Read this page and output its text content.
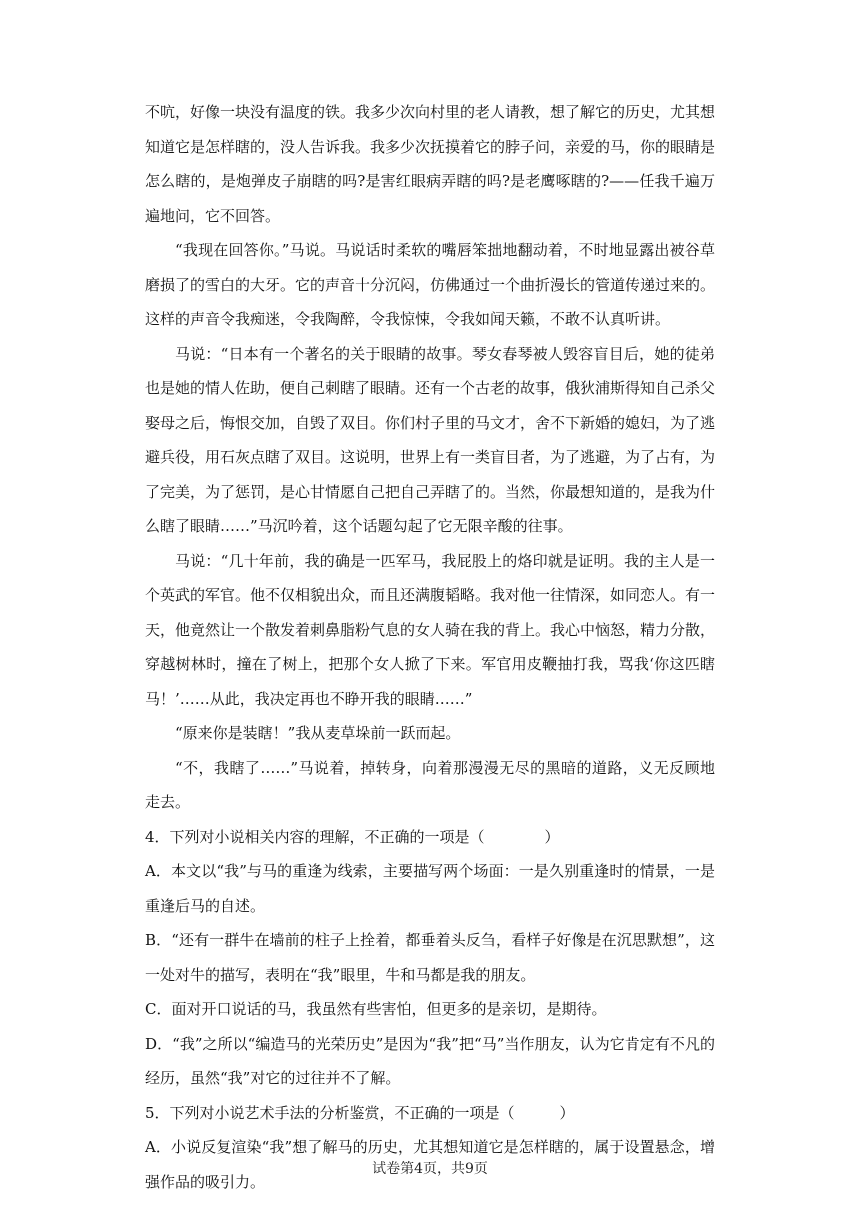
不吭，好像一块没有温度的铁。我多少次向村里的老人请教，想了解它的历史，尤其想知道它是怎样瞎的，没人告诉我。我多少次抚摸着它的脖子问，亲爱的马，你的眼睛是怎么瞎的，是炮弹皮子崩瞎的吗?是害红眼病弄瞎的吗?是老鹰啄瞎的?——任我千遍万遍地问，它不回答。

“我现在回答你。”马说。马说话时柔软的嘴唇笨拙地翻动着，不时地显露出被谷草磨损了的雪白的大牙。它的声音十分沉闷，仿佛通过一个曲折漫长的管道传递过来的。这样的声音令我痴迷，令我陶醉，令我惊悚，令我如闻天籁，不敢不认真听讲。

马说：“日本有一个著名的关于眼睛的故事。琴女春琴被人毁容盲目后，她的徒弟也是她的情人佐助，便自己刺瞎了眼睛。还有一个古老的故事，俄狄浦斯得知自己杀父娶母之后，悔恨交加，自毁了双目。你们村子里的马文才，舍不下新婚的媳妇，为了逃避兵役，用石灰点瞎了双目。这说明，世界上有一类盲目者，为了逃避，为了占有，为了完美，为了惩罚，是心甘情愿自己把自己弄瞎了的。当然，你最想知道的，是我为什么瞎了眼睛……”马沉吟着，这个话题勾起了它无限辛酸的往事。

马说：“几十年前，我的确是一匹军马，我屁股上的烙印就是证明。我的主人是一个英武的军官。他不仅相貌出众，而且还满腹韬略。我对他一往情深，如同恋人。有一天，他竟然让一个散发着刺鼻脂粉气息的女人骑在我的背上。我心中恼怒，精力分散，穿越树林时，撞在了树上，把那个女人掀了下来。军官用皮鞭抽打我，骂我‘你这匹瞎马！’……从此，我决定再也不睁开我的眼睛……”

“原来你是装瞎！”我从麦草垛前一跃而起。

“不，我瞎了……”马说着，掉转身，向着那漫漫无尽的黑暗的道路，义无反顾地走去。

4．下列对小说相关内容的理解，不正确的一项是（　　　　）

A．本文以“我”与马的重逢为线索，主要描写两个场面：一是久别重逢时的情景，一是重逢后马的自述。

B．“还有一群牛在墙前的柱子上拴着，都垂着头反刍，看样子好像是在沉思默想”，这一处对牛的描写，表明在“我”眼里，牛和马都是我的朋友。

C．面对开口说话的马，我虽然有些害怕，但更多的是亲切，是期待。

D．“我”之所以“编造马的光荣历史”是因为“我”把“马”当作朋友，认为它肯定有不凡的经历，虽然“我”对它的过往并不了解。

5．下列对小说艺术手法的分析鉴赏，不正确的一项是（　　　）

A．小说反复渲染“我”想了解马的历史，尤其想知道它是怎样瞎的，属于设置悬念，增强作品的吸引力。

试卷第4页，共9页
